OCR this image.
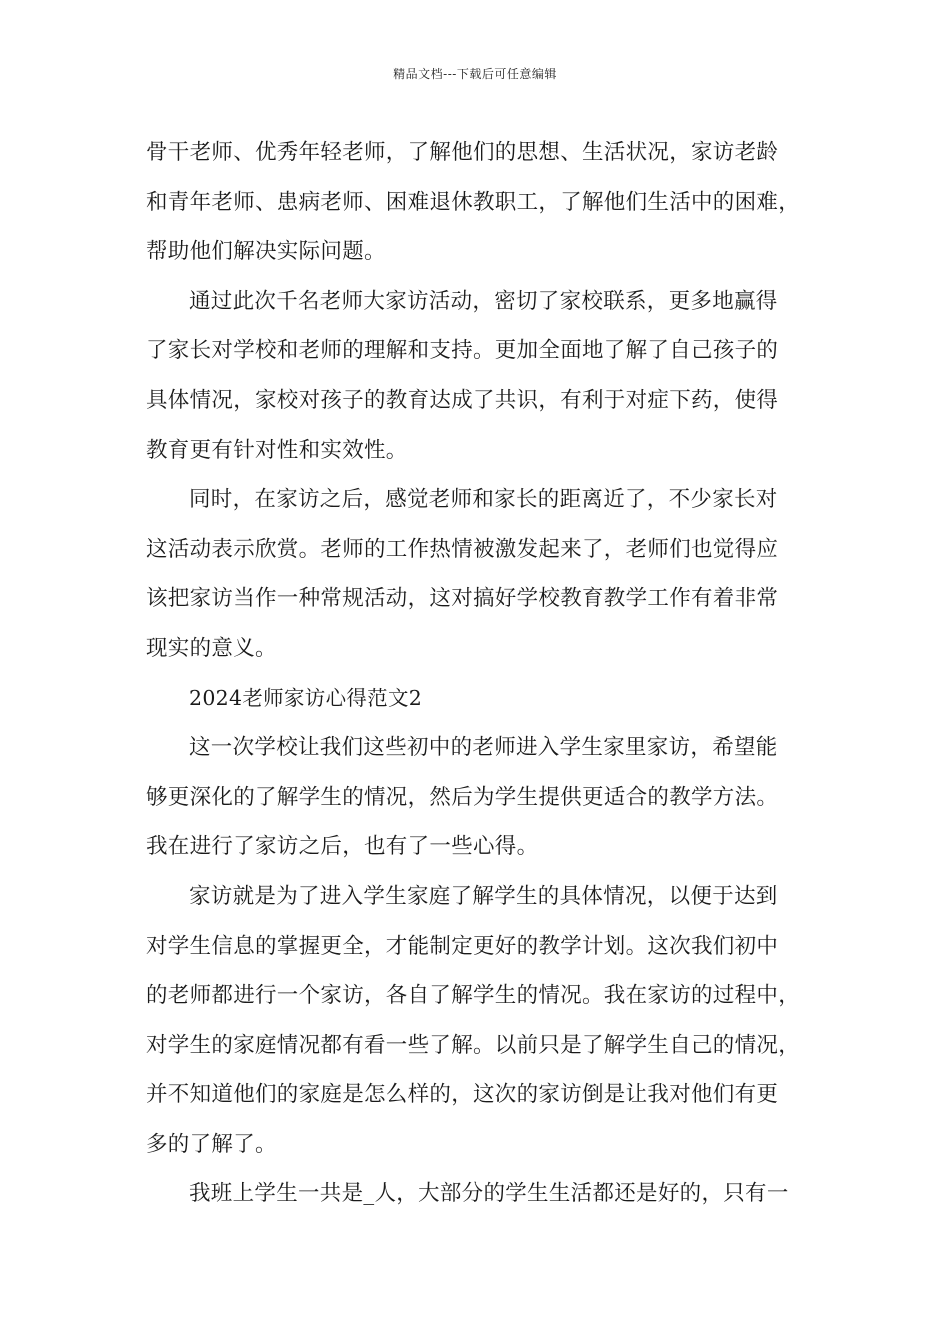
精品文档---下载后可任意编辑
骨干老师、优秀年轻老师，了解他们的思想、生活状况，家访老龄
和青年老师、患病老师、困难退休教职工，了解他们生活中的困难，
帮助他们解决实际问题。
通过此次千名老师大家访活动，密切了家校联系，更多地赢得
了家长对学校和老师的理解和支持。更加全面地了解了自己孩子的
具体情况，家校对孩子的教育达成了共识，有利于对症下药，使得
教育更有针对性和实效性。
同时，在家访之后，感觉老师和家长的距离近了，不少家长对
这活动表示欣赏。老师的工作热情被激发起来了，老师们也觉得应
该把家访当作一种常规活动，这对搞好学校教育教学工作有着非常
现实的意义。
2024老师家访心得范文2
这一次学校让我们这些初中的老师进入学生家里家访，希望能
够更深化的了解学生的情况，然后为学生提供更适合的教学方法。
我在进行了家访之后，也有了一些心得。
家访就是为了进入学生家庭了解学生的具体情况，以便于达到
对学生信息的掌握更全，才能制定更好的教学计划。这次我们初中
的老师都进行一个家访，各自了解学生的情况。我在家访的过程中，
对学生的家庭情况都有看一些了解。以前只是了解学生自己的情况，
并不知道他们的家庭是怎么样的，这次的家访倒是让我对他们有更
多的了解了。
我班上学生一共是_人，大部分的学生生活都还是好的，只有一
